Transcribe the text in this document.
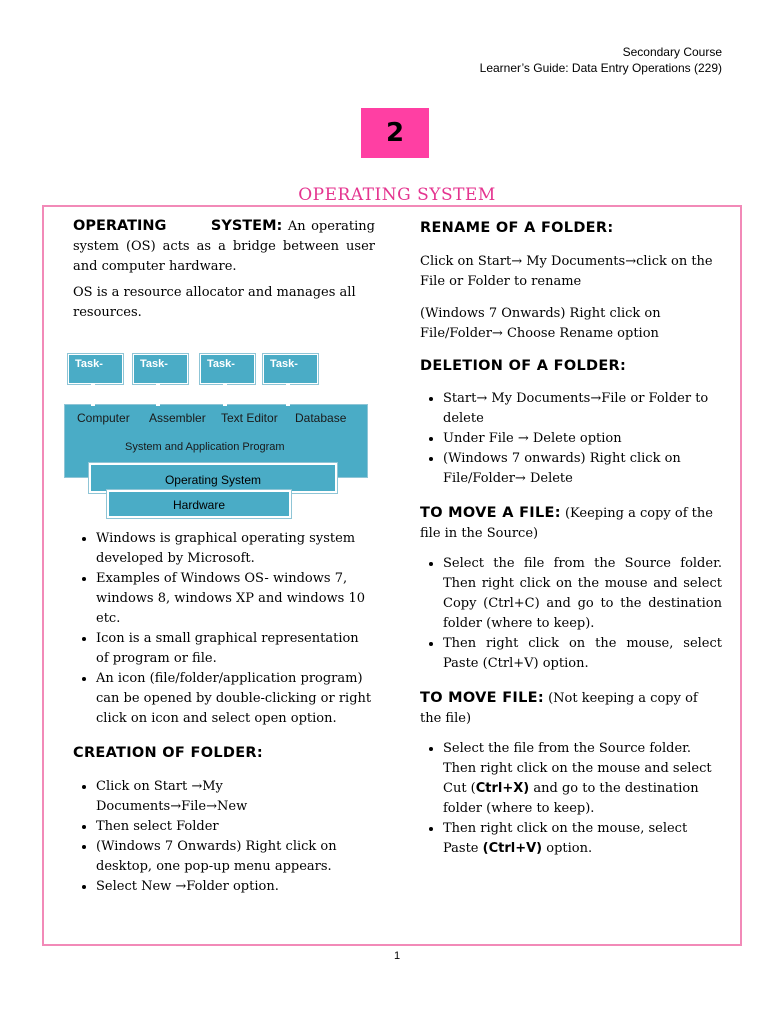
Secondary Course
Learner’s Guide: Data Entry Operations (229)
2
OPERATING SYSTEM

OPERATING SYSTEM: An operating system (OS) acts as a bridge between user and computer hardware.

OS is a resource allocator and manages all resources.

Task-	Task-	Task-	Task-
Computer Assembler Text Editor Database
System and Application Program
Operating System
Hardware
• Windows is graphical operating system developed by Microsoft.
• Examples of Windows OS- windows 7, windows 8, windows XP and windows 10 etc.
• Icon is a small graphical representation of program or file.
• An icon (file/folder/application program) can be opened by double-clicking or right click on icon and select open option.
CREATION OF FOLDER:
• Click on Start →My Documents→File→New
• Then select Folder
• (Windows 7 Onwards) Right click on desktop, one pop-up menu appears.
• Select New →Folder option.
RENAME OF A FOLDER:

Click on Start→ My Documents→click on the File or Folder to rename

(Windows 7 Onwards) Right click on File/Folder→ Choose Rename option

DELETION OF A FOLDER:
• Start→ My Documents→File or Folder to delete
• Under File → Delete option
• (Windows 7 onwards) Right click on File/Folder→ Delete

TO MOVE A FILE: (Keeping a copy of the file in the Source)

• Select the file from the Source folder. Then right click on the mouse and select Copy (Ctrl+C) and go to the destination folder (where to keep).
• Then right click on the mouse, select Paste (Ctrl+V) option.

TO MOVE FILE: (Not keeping a copy of the file)

• Select the file from the Source folder. Then right click on the mouse and select Cut (Ctrl+X) and go to the destination folder (where to keep).
• Then right click on the mouse, select Paste (Ctrl+V) option.
1
